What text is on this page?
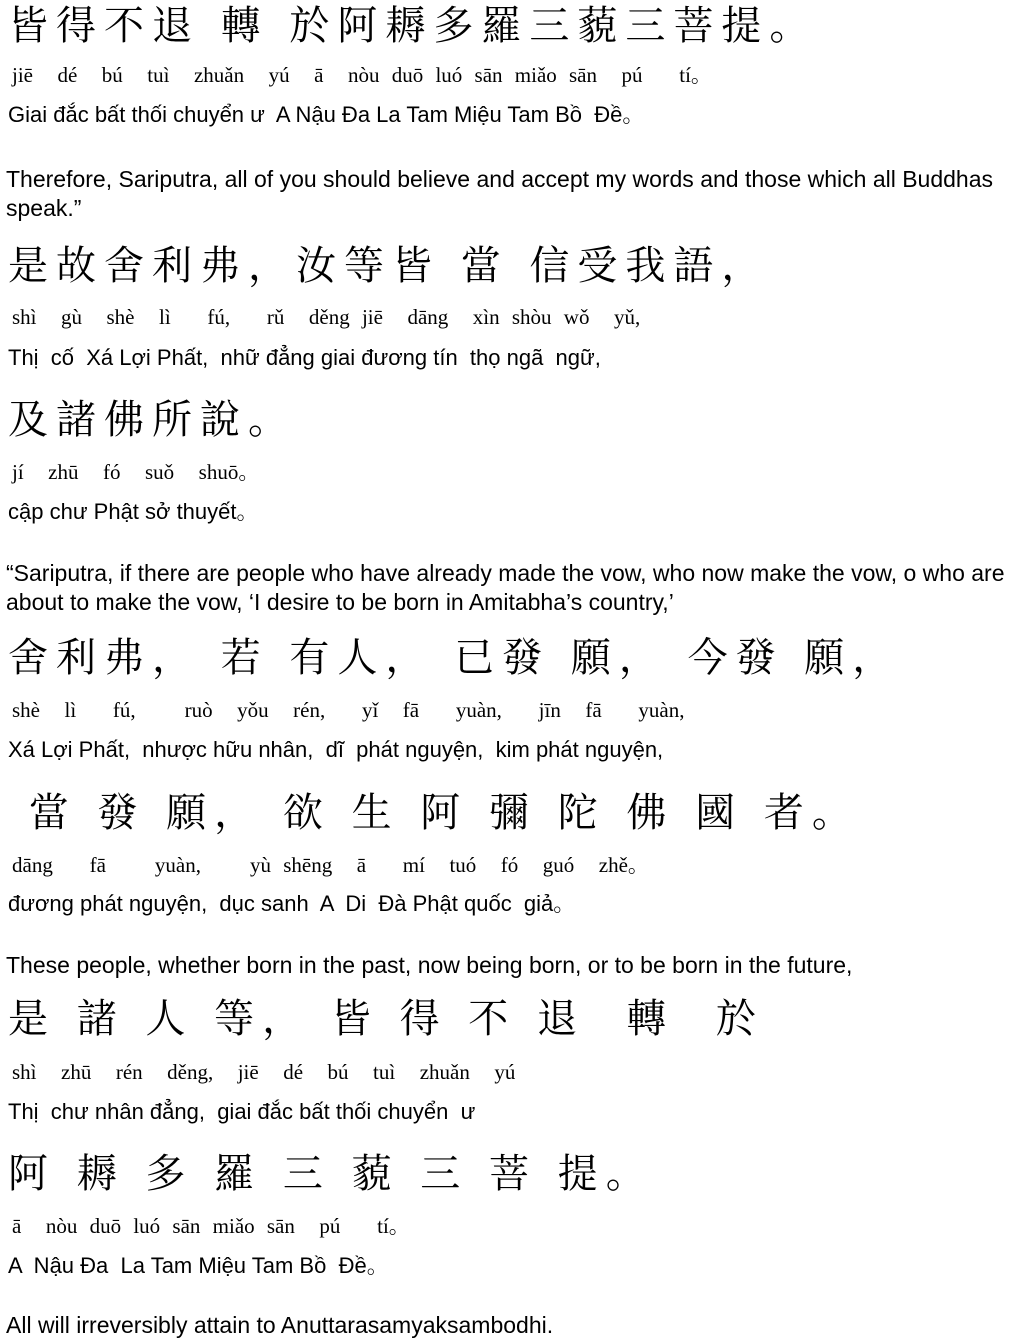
皆得不退 轉 於阿耨多羅三藐三菩提。
jiē  dé  bú  tuì  zhuǎn  yú  ā  nòu duō luó sān miǎo sān  pú   tí。
Giai đắc bất thối chuyển ư  A Nậu Đa La Tam Miệu Tam Bồ  Đề。
Therefore, Sariputra, all of you should believe and accept my words and those which all Buddhas speak.”
是故舍利弗，汝等皆 當 信受我語，
shì  gù  shè  lì   fú,   rǔ  děng jiē  dāng  xìn shòu wǒ  yǔ,
Thị  cố  Xá Lợi Phất,  nhữ đẳng giai đương tín  thọ ngã  ngữ,
及諸佛所說。
jí  zhū  fó  suǒ  shuō。
cập chư Phật sở thuyết。
“Sariputra, if there are people who have already made the vow, who now make the vow, o who are about to make the vow, ‘I desire to be born in Amitabha’s country,’
舍利弗， 若 有人， 已發 願， 今發 願，
shè  lì   fú,    ruò  yǒu  rén,   yǐ  fā   yuàn,   jīn  fā   yuàn,
Xá Lợi Phất,  nhược hữu nhân,  dĩ  phát nguyện,  kim phát nguyện,
當 發 願， 欲 生 阿 彌 陀 佛 國 者。
dāng   fā    yuàn,    yù shēng  ā   mí  tuó  fó  guó  zhě。
đương phát nguyện,  dục sanh  A  Di  Đà Phật quốc  giả。
These people, whether born in the past, now being born, or to be born in the future,
是 諸 人 等， 皆 得 不 退  轉  於
shì  zhū  rén  děng,  jiē  dé  bú  tuì  zhuǎn  yú
Thị  chư nhân đẳng,  giai đắc bất thối chuyển  ư
阿 耨 多 羅 三 藐 三 菩 提。
ā  nòu duō luó sān miǎo sān  pú   tí。
A  Nậu Đa  La Tam Miệu Tam Bồ  Đề。
All will irreversibly attain to Anuttarasamyaksambodhi.
